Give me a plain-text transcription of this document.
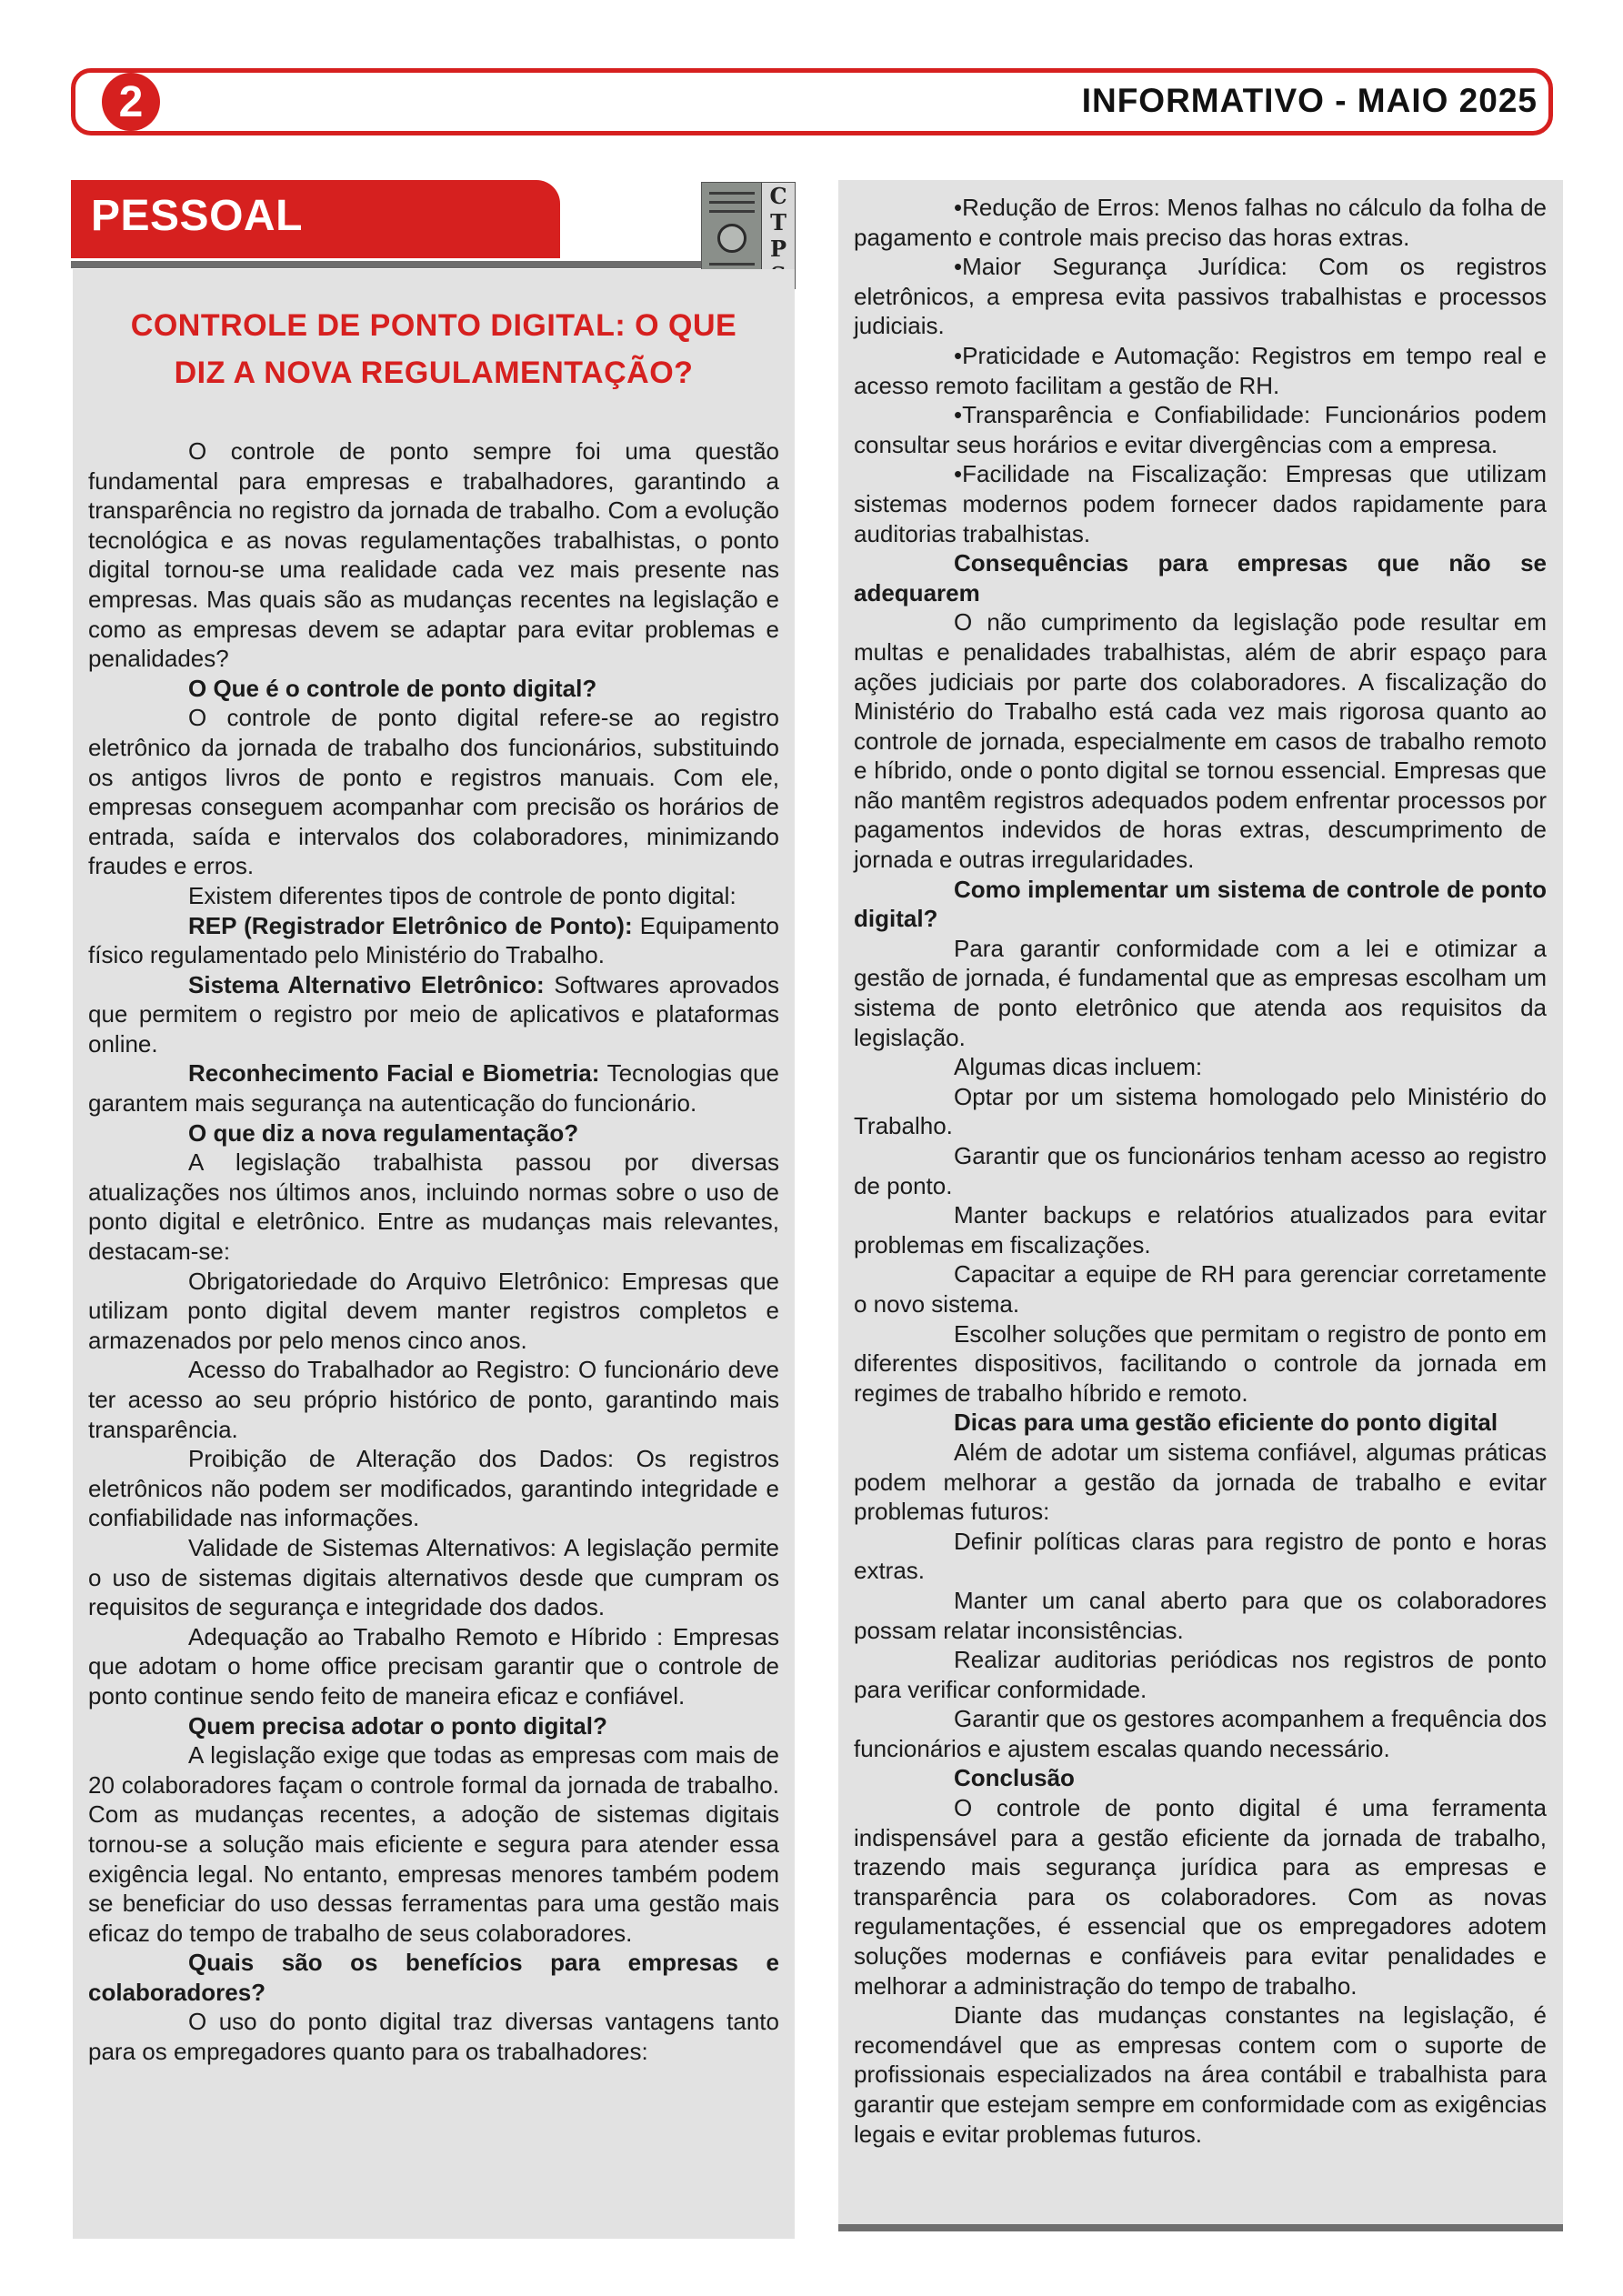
2	INFORMATIVO - MAIO 2025
PESSOAL	C
T
P
CONTROLE DE PONTO DIGITAL: O QUE DIZ A NOVA REGULAMENTAÇÃO?

O controle de ponto sempre foi uma questão fundamental para empresas e trabalhadores, garantindo a transparência no registro da jornada de trabalho. Com a evolução tecnológica e as novas regulamentações trabalhistas, o ponto digital tornou-se uma realidade cada vez mais presente nas empresas. Mas quais são as mudanças recentes na legislação e como as empresas devem se adaptar para evitar problemas e penalidades?

O Que é o controle de ponto digital?

O controle de ponto digital refere-se ao registro eletrônico da jornada de trabalho dos funcionários, substituindo os antigos livros de ponto e registros manuais. Com ele, empresas conseguem acompanhar com precisão os horários de entrada, saída e intervalos dos colaboradores, minimizando fraudes e erros.

Existem diferentes tipos de controle de ponto digital:

REP (Registrador Eletrônico de Ponto): Equipamento físico regulamentado pelo Ministério do Trabalho.

Sistema Alternativo Eletrônico: Softwares aprovados que permitem o registro por meio de aplicativos e plataformas online.

Reconhecimento Facial e Biometria: Tecnologias que garantem mais segurança na autenticação do funcionário.

O que diz a nova regulamentação?

A legislação trabalhista passou por diversas atualizações nos últimos anos, incluindo normas sobre o uso de ponto digital e eletrônico. Entre as mudanças mais relevantes, destacam-se:

Obrigatoriedade do Arquivo Eletrônico: Empresas que utilizam ponto digital devem manter registros completos e armazenados por pelo menos cinco anos.

Acesso do Trabalhador ao Registro: O funcionário deve ter acesso ao seu próprio histórico de ponto, garantindo mais transparência.

Proibição de Alteração dos Dados: Os registros eletrônicos não podem ser modificados, garantindo integridade e confiabilidade nas informações.

Validade de Sistemas Alternativos: A legislação permite o uso de sistemas digitais alternativos desde que cumpram os requisitos de segurança e integridade dos dados.

Adequação ao Trabalho Remoto e Híbrido : Empresas que adotam o home office precisam garantir que o controle de ponto continue sendo feito de maneira eficaz e confiável.

Quem precisa adotar o ponto digital?

A legislação exige que todas as empresas com mais de 20 colaboradores façam o controle formal da jornada de trabalho. Com as mudanças recentes, a adoção de sistemas digitais tornou-se a solução mais eficiente e segura para atender essa exigência legal. No entanto, empresas menores também podem se beneficiar do uso dessas ferramentas para uma gestão mais eficaz do tempo de trabalho de seus colaboradores.

Quais são os benefícios para empresas e colaboradores?

O uso do ponto digital traz diversas vantagens tanto para os empregadores quanto para os trabalhadores:

•Redução de Erros: Menos falhas no cálculo da folha de pagamento e controle mais preciso das horas extras.

•Maior Segurança Jurídica: Com os registros eletrônicos, a empresa evita passivos trabalhistas e processos judiciais.

•Praticidade e Automação: Registros em tempo real e acesso remoto facilitam a gestão de RH.

•Transparência e Confiabilidade: Funcionários podem consultar seus horários e evitar divergências com a empresa.

•Facilidade na Fiscalização: Empresas que utilizam sistemas modernos podem fornecer dados rapidamente para auditorias trabalhistas.

Consequências para empresas que não se adequarem

O não cumprimento da legislação pode resultar em multas e penalidades trabalhistas, além de abrir espaço para ações judiciais por parte dos colaboradores. A fiscalização do Ministério do Trabalho está cada vez mais rigorosa quanto ao controle de jornada, especialmente em casos de trabalho remoto e híbrido, onde o ponto digital se tornou essencial. Empresas que não mantêm registros adequados podem enfrentar processos por pagamentos indevidos de horas extras, descumprimento de jornada e outras irregularidades.

Como implementar um sistema de controle de ponto digital?

Para garantir conformidade com a lei e otimizar a gestão de jornada, é fundamental que as empresas escolham um sistema de ponto eletrônico que atenda aos requisitos da legislação.

Algumas dicas incluem:

Optar por um sistema homologado pelo Ministério do Trabalho.

Garantir que os funcionários tenham acesso ao registro de ponto.

Manter backups e relatórios atualizados para evitar problemas em fiscalizações.

Capacitar a equipe de RH para gerenciar corretamente o novo sistema.

Escolher soluções que permitam o registro de ponto em diferentes dispositivos, facilitando o controle da jornada em regimes de trabalho híbrido e remoto.

Dicas para uma gestão eficiente do ponto digital

Além de adotar um sistema confiável, algumas práticas podem melhorar a gestão da jornada de trabalho e evitar problemas futuros:

Definir políticas claras para registro de ponto e horas extras.

Manter um canal aberto para que os colaboradores possam relatar inconsistências.

Realizar auditorias periódicas nos registros de ponto para verificar conformidade.

Garantir que os gestores acompanhem a frequência dos funcionários e ajustem escalas quando necessário.

Conclusão

O controle de ponto digital é uma ferramenta indispensável para a gestão eficiente da jornada de trabalho, trazendo mais segurança jurídica para as empresas e transparência para os colaboradores. Com as novas regulamentações, é essencial que os empregadores adotem soluções modernas e confiáveis para evitar penalidades e melhorar a administração do tempo de trabalho.

Diante das mudanças constantes na legislação, é recomendável que as empresas contem com o suporte de profissionais especializados na área contábil e trabalhista para garantir que estejam sempre em conformidade com as exigências legais e evitar problemas futuros.
